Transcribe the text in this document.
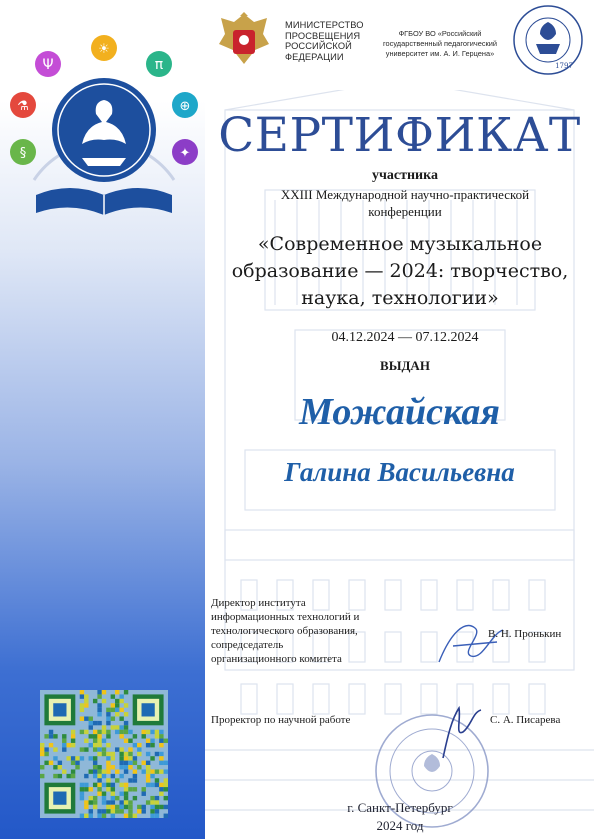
Ψ
☀
π
⚗	⊕
§	✦
МИНИСТЕРСТВО
ПРОСВЕЩЕНИЯ
РОССИЙСКОЙ
ФЕДЕРАЦИИ
ФГБОУ ВО «Российский
государственный педагогический
университет им. А. И. Герцена»
1797
СЕРТИФИКАТ
участника
XXIII Международной научно-практической
конференции
«Современное музыкальное
образование — 2024: творчество,
наука, технологии»
04.12.2024 — 07.12.2024
ВЫДАН
Можайская
Галина Васильевна
Директор института
информационных технологий и
технологического образования,
сопредседатель
организационного комитета
В. Н. Пронькин
Проректор по научной работе	С. А. Писарева
г. Санкт-Петербург
2024 год
